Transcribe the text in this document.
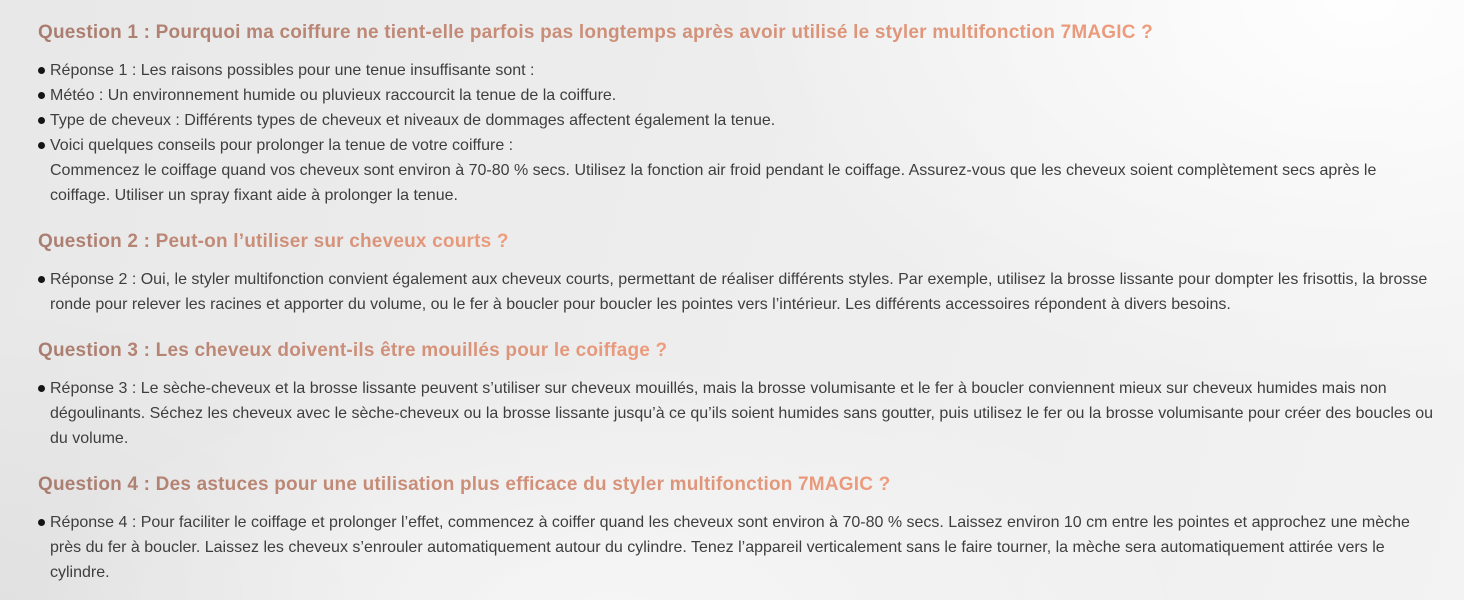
Question 1 : Pourquoi ma coiffure ne tient-elle parfois pas longtemps après avoir utilisé le styler multifonction 7MAGIC ?
Réponse 1 : Les raisons possibles pour une tenue insuffisante sont :
Météo : Un environnement humide ou pluvieux raccourcit la tenue de la coiffure.
Type de cheveux : Différents types de cheveux et niveaux de dommages affectent également la tenue.
Voici quelques conseils pour prolonger la tenue de votre coiffure :
Commencez le coiffage quand vos cheveux sont environ à 70-80 % secs. Utilisez la fonction air froid pendant le coiffage. Assurez-vous que les cheveux soient complètement secs après le coiffage. Utiliser un spray fixant aide à prolonger la tenue.
Question 2 : Peut-on l’utiliser sur cheveux courts ?
Réponse 2 : Oui, le styler multifonction convient également aux cheveux courts, permettant de réaliser différents styles. Par exemple, utilisez la brosse lissante pour dompter les frisottis, la brosse ronde pour relever les racines et apporter du volume, ou le fer à boucler pour boucler les pointes vers l’intérieur. Les différents accessoires répondent à divers besoins.
Question 3 : Les cheveux doivent-ils être mouillés pour le coiffage ?
Réponse 3 : Le sèche-cheveux et la brosse lissante peuvent s’utiliser sur cheveux mouillés, mais la brosse volumisante et le fer à boucler conviennent mieux sur cheveux humides mais non dégoulinants. Séchez les cheveux avec le sèche-cheveux ou la brosse lissante jusqu’à ce qu’ils soient humides sans goutter, puis utilisez le fer ou la brosse volumisante pour créer des boucles ou du volume.
Question 4 : Des astuces pour une utilisation plus efficace du styler multifonction 7MAGIC ?
Réponse 4 : Pour faciliter le coiffage et prolonger l’effet, commencez à coiffer quand les cheveux sont environ à 70-80 % secs. Laissez environ 10 cm entre les pointes et approchez une mèche près du fer à boucler. Laissez les cheveux s’enrouler automatiquement autour du cylindre. Tenez l’appareil verticalement sans le faire tourner, la mèche sera automatiquement attirée vers le cylindre.
